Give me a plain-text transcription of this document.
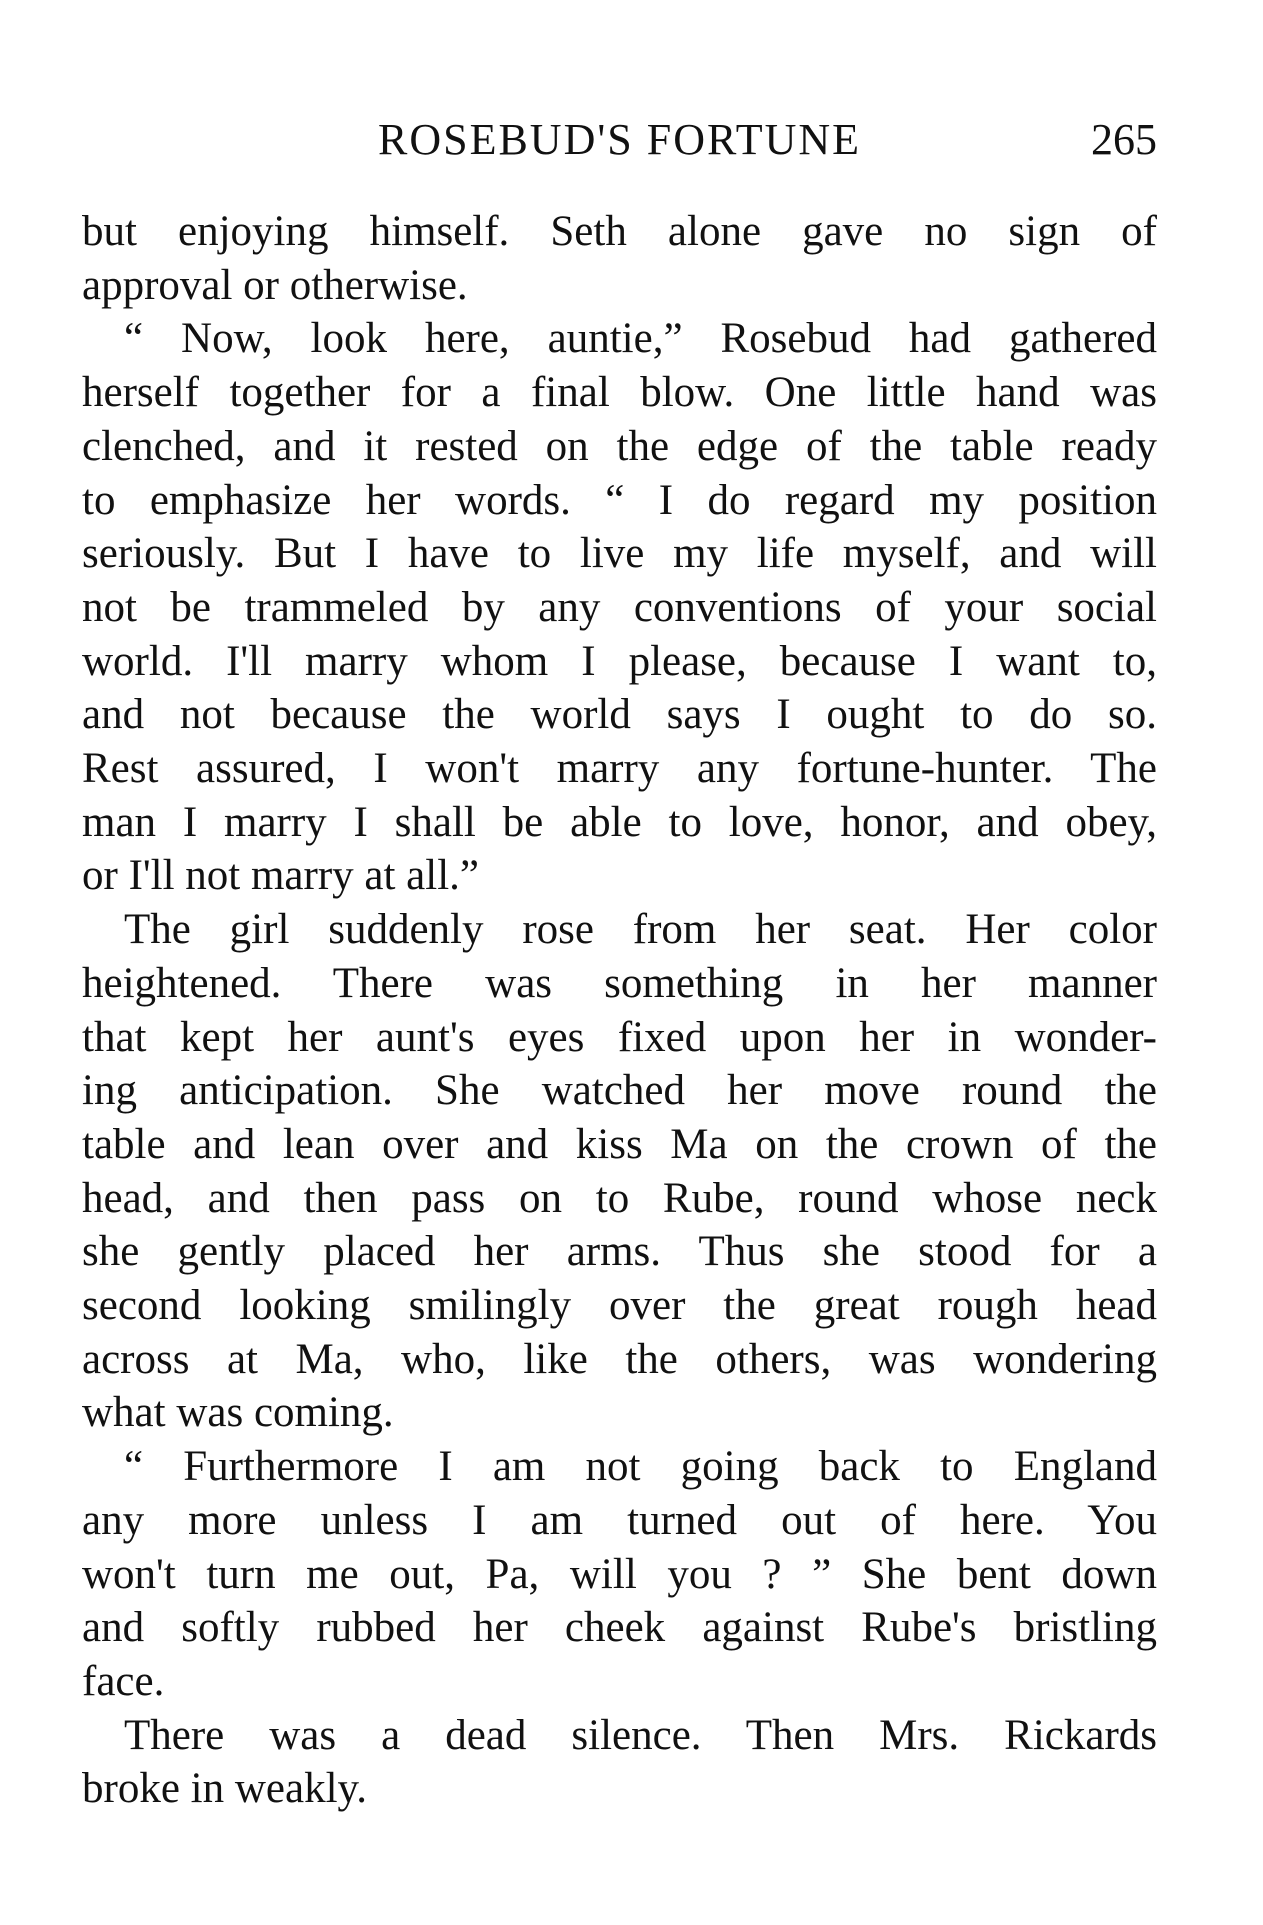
ROSEBUD'S FORTUNE	265

but enjoying himself. Seth alone gave no sign of
approval or otherwise.

“ Now, look here, auntie,” Rosebud had gathered
herself together for a final blow. One little hand was
clenched, and it rested on the edge of the table ready
to emphasize her words. “ I do regard my position
seriously. But I have to live my life myself, and will
not be trammeled by any conventions of your social
world. I'll marry whom I please, because I want to,
and not because the world says I ought to do so.
Rest assured, I won't marry any fortune-hunter. The
man I marry I shall be able to love, honor, and obey,
or I'll not marry at all.”

The girl suddenly rose from her seat. Her color
heightened. There was something in her manner
that kept her aunt's eyes fixed upon her in wonder-
ing anticipation. She watched her move round the
table and lean over and kiss Ma on the crown of the
head, and then pass on to Rube, round whose neck
she gently placed her arms. Thus she stood for a
second looking smilingly over the great rough head
across at Ma, who, like the others, was wondering
what was coming.

“ Furthermore I am not going back to England
any more unless I am turned out of here. You
won't turn me out, Pa, will you ? ” She bent down
and softly rubbed her cheek against Rube's bristling
face.

There was a dead silence. Then Mrs. Rickards
broke in weakly.
